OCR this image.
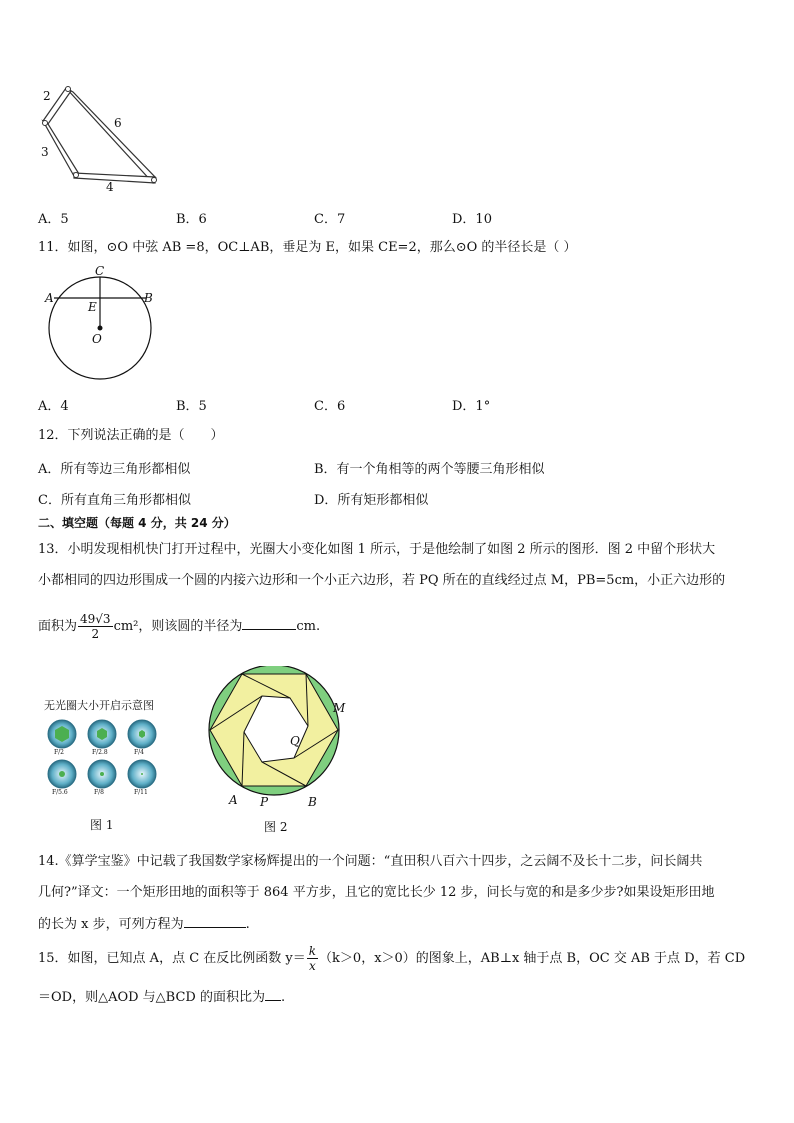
2
3
6
4
A．5	B．6	C．7	D．10
11．如图，⊙O 中弦 AB =8，OC⊥AB，垂足为 E，如果 CE=2，那么⊙O 的半径长是（ ）
C
A	B
E
O
A．4	B．5	C．6	D．1°
12．下列说法正确的是（　　）
A．所有等边三角形都相似	B．有一个角相等的两个等腰三角形相似
C．所有直角三角形都相似	D．所有矩形都相似
二、填空题（每题 4 分，共 24 分）
13．小明发现相机快门打开过程中，光圈大小变化如图 1 所示，于是他绘制了如图 2 所示的图形．图 2 中留个形状大
小都相同的四边形围成一个圆的内接六边形和一个小正六边形，若 PQ 所在的直线经过点 M，PB=5cm，小正六边形的
面积为 $\frac{49√3}{2} cm^2$，则该圆的半径为	cm.
无光圈大小开启示意图
F/2	F/2.8	F/4
F/5.6	F/8	F/11
图 1
M
Q
A P	B
图 2
14.《算学宝鉴》中记载了我国数学家杨辉提出的一个问题：“直田积八百六十四步，之云阔不及长十二步，问长阔共
几何?”译文：一个矩形田地的面积等于 864 平方步，且它的宽比长少 12 步，问长与宽的和是多少步?如果设矩形田地
的长为 x 步，可列方程为	.
15．如图，已知点 A，点 C 在反比例函数 $y= \frac{k}{x} (k>0$，x＞0）的图象上，AB⊥x 轴于点 B，OC 交 AB 于点 D，若 CD
＝OD，则△AOD 与△BCD 的面积比为 .
